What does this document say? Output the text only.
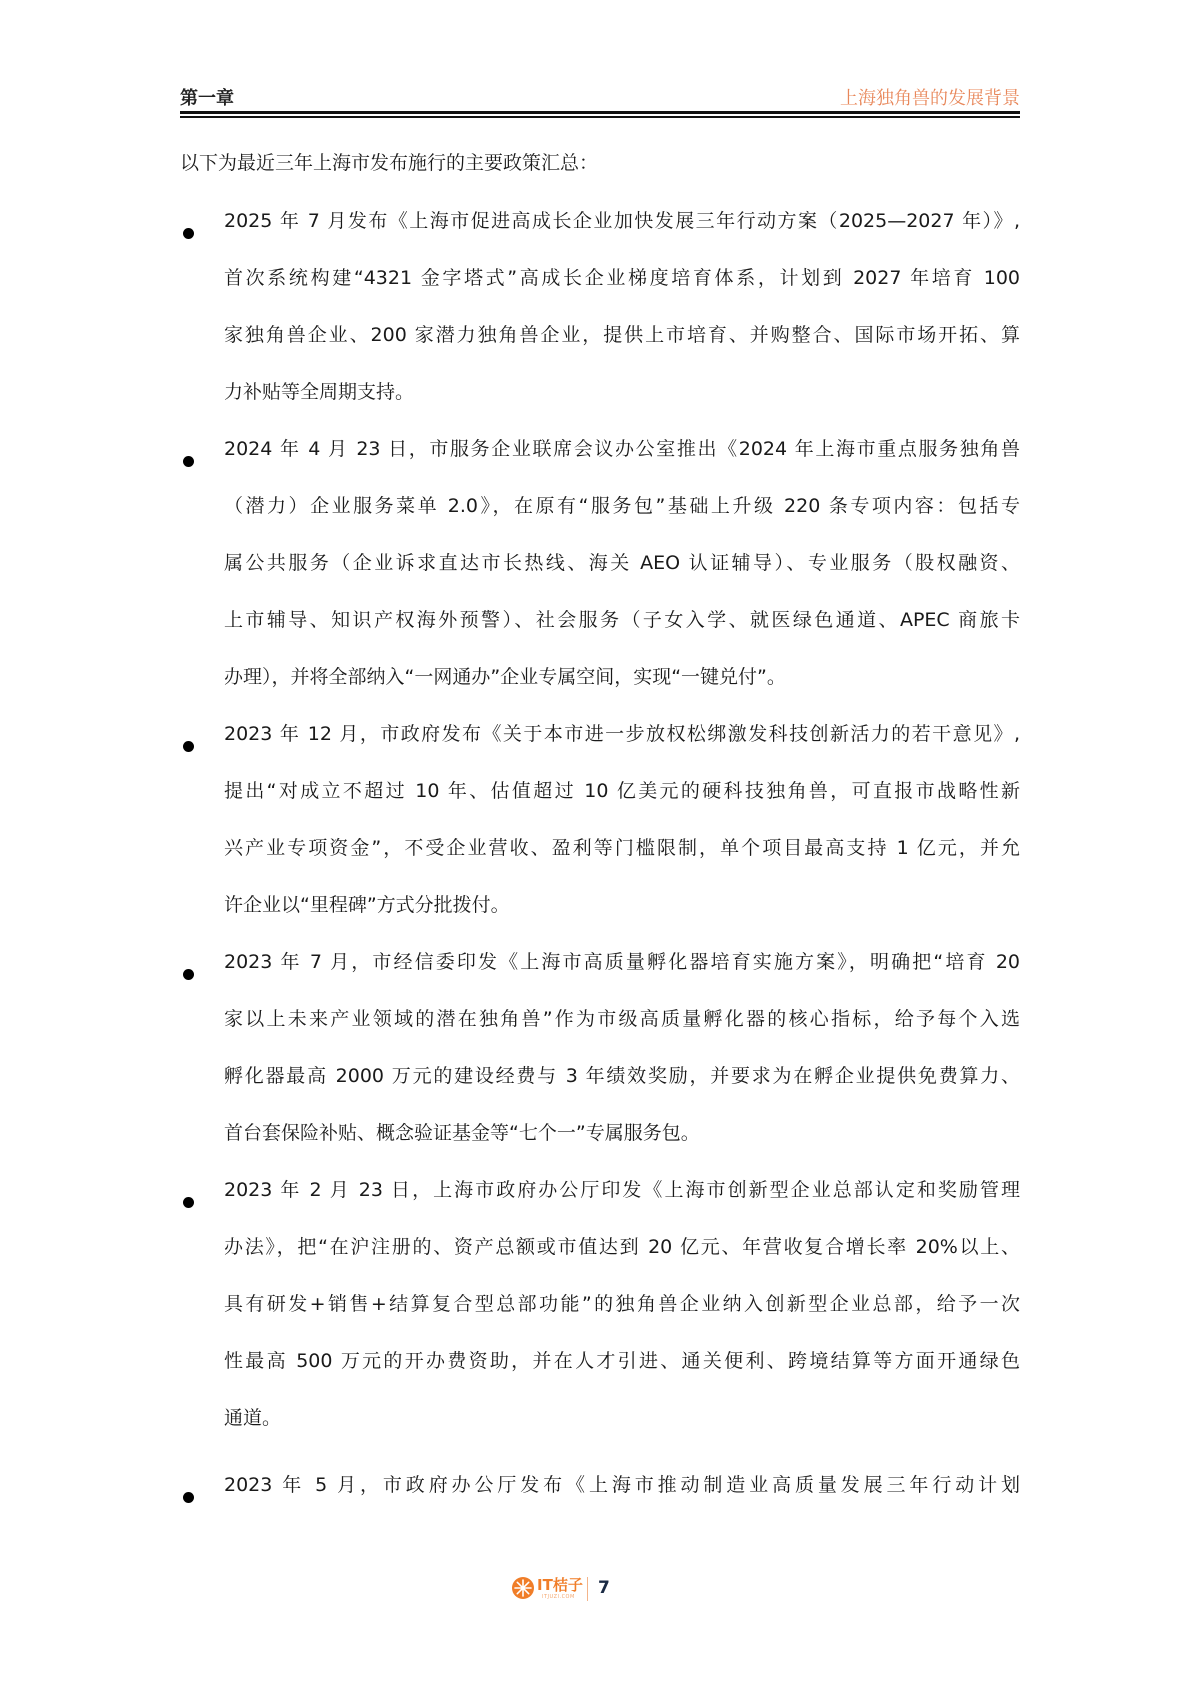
第一章	上海独角兽的发展背景
以下为最近三年上海市发布施行的主要政策汇总：
2025 年 7 月发布《上海市促进高成长企业加快发展三年行动方案（2025—2027 年）》,
首次系统构建“4321 金字塔式”高成长企业梯度培育体系，计划到 2027 年培育 100
家独角兽企业、200 家潜力独角兽企业，提供上市培育、并购整合、国际市场开拓、算
力补贴等全周期支持。
2024 年 4 月 23 日，市服务企业联席会议办公室推出《2024 年上海市重点服务独角兽
（潜力）企业服务菜单 2.0》，在原有“服务包”基础上升级 220 条专项内容：包括专
属公共服务（企业诉求直达市长热线、海关 AEO 认证辅导）、专业服务（股权融资、
上市辅导、知识产权海外预警）、社会服务（子女入学、就医绿色通道、APEC 商旅卡
办理），并将全部纳入“一网通办”企业专属空间，实现“一键兑付”。
2023 年 12 月，市政府发布《关于本市进一步放权松绑激发科技创新活力的若干意见》,
提出“对成立不超过 10 年、估值超过 10 亿美元的硬科技独角兽，可直报市战略性新
兴产业专项资金”，不受企业营收、盈利等门槛限制，单个项目最高支持 1 亿元，并允
许企业以“里程碑”方式分批拨付。
2023 年 7 月，市经信委印发《上海市高质量孵化器培育实施方案》，明确把“培育 20
家以上未来产业领域的潜在独角兽”作为市级高质量孵化器的核心指标，给予每个入选
孵化器最高 2000 万元的建设经费与 3 年绩效奖励，并要求为在孵企业提供免费算力、
首台套保险补贴、概念验证基金等“七个一”专属服务包。
2023 年 2 月 23 日，上海市政府办公厅印发《上海市创新型企业总部认定和奖励管理
办法》，把“在沪注册的、资产总额或市值达到 20 亿元、年营收复合增长率 20%以上、
具有研发+销售+结算复合型总部功能”的独角兽企业纳入创新型企业总部，给予一次
性最高 500 万元的开办费资助，并在人才引进、通关便利、跨境结算等方面开通绿色
通道。
2023 年 5 月，市政府办公厅发布《上海市推动制造业高质量发展三年行动计划
IT桔子
ITJUZI.COM 7
